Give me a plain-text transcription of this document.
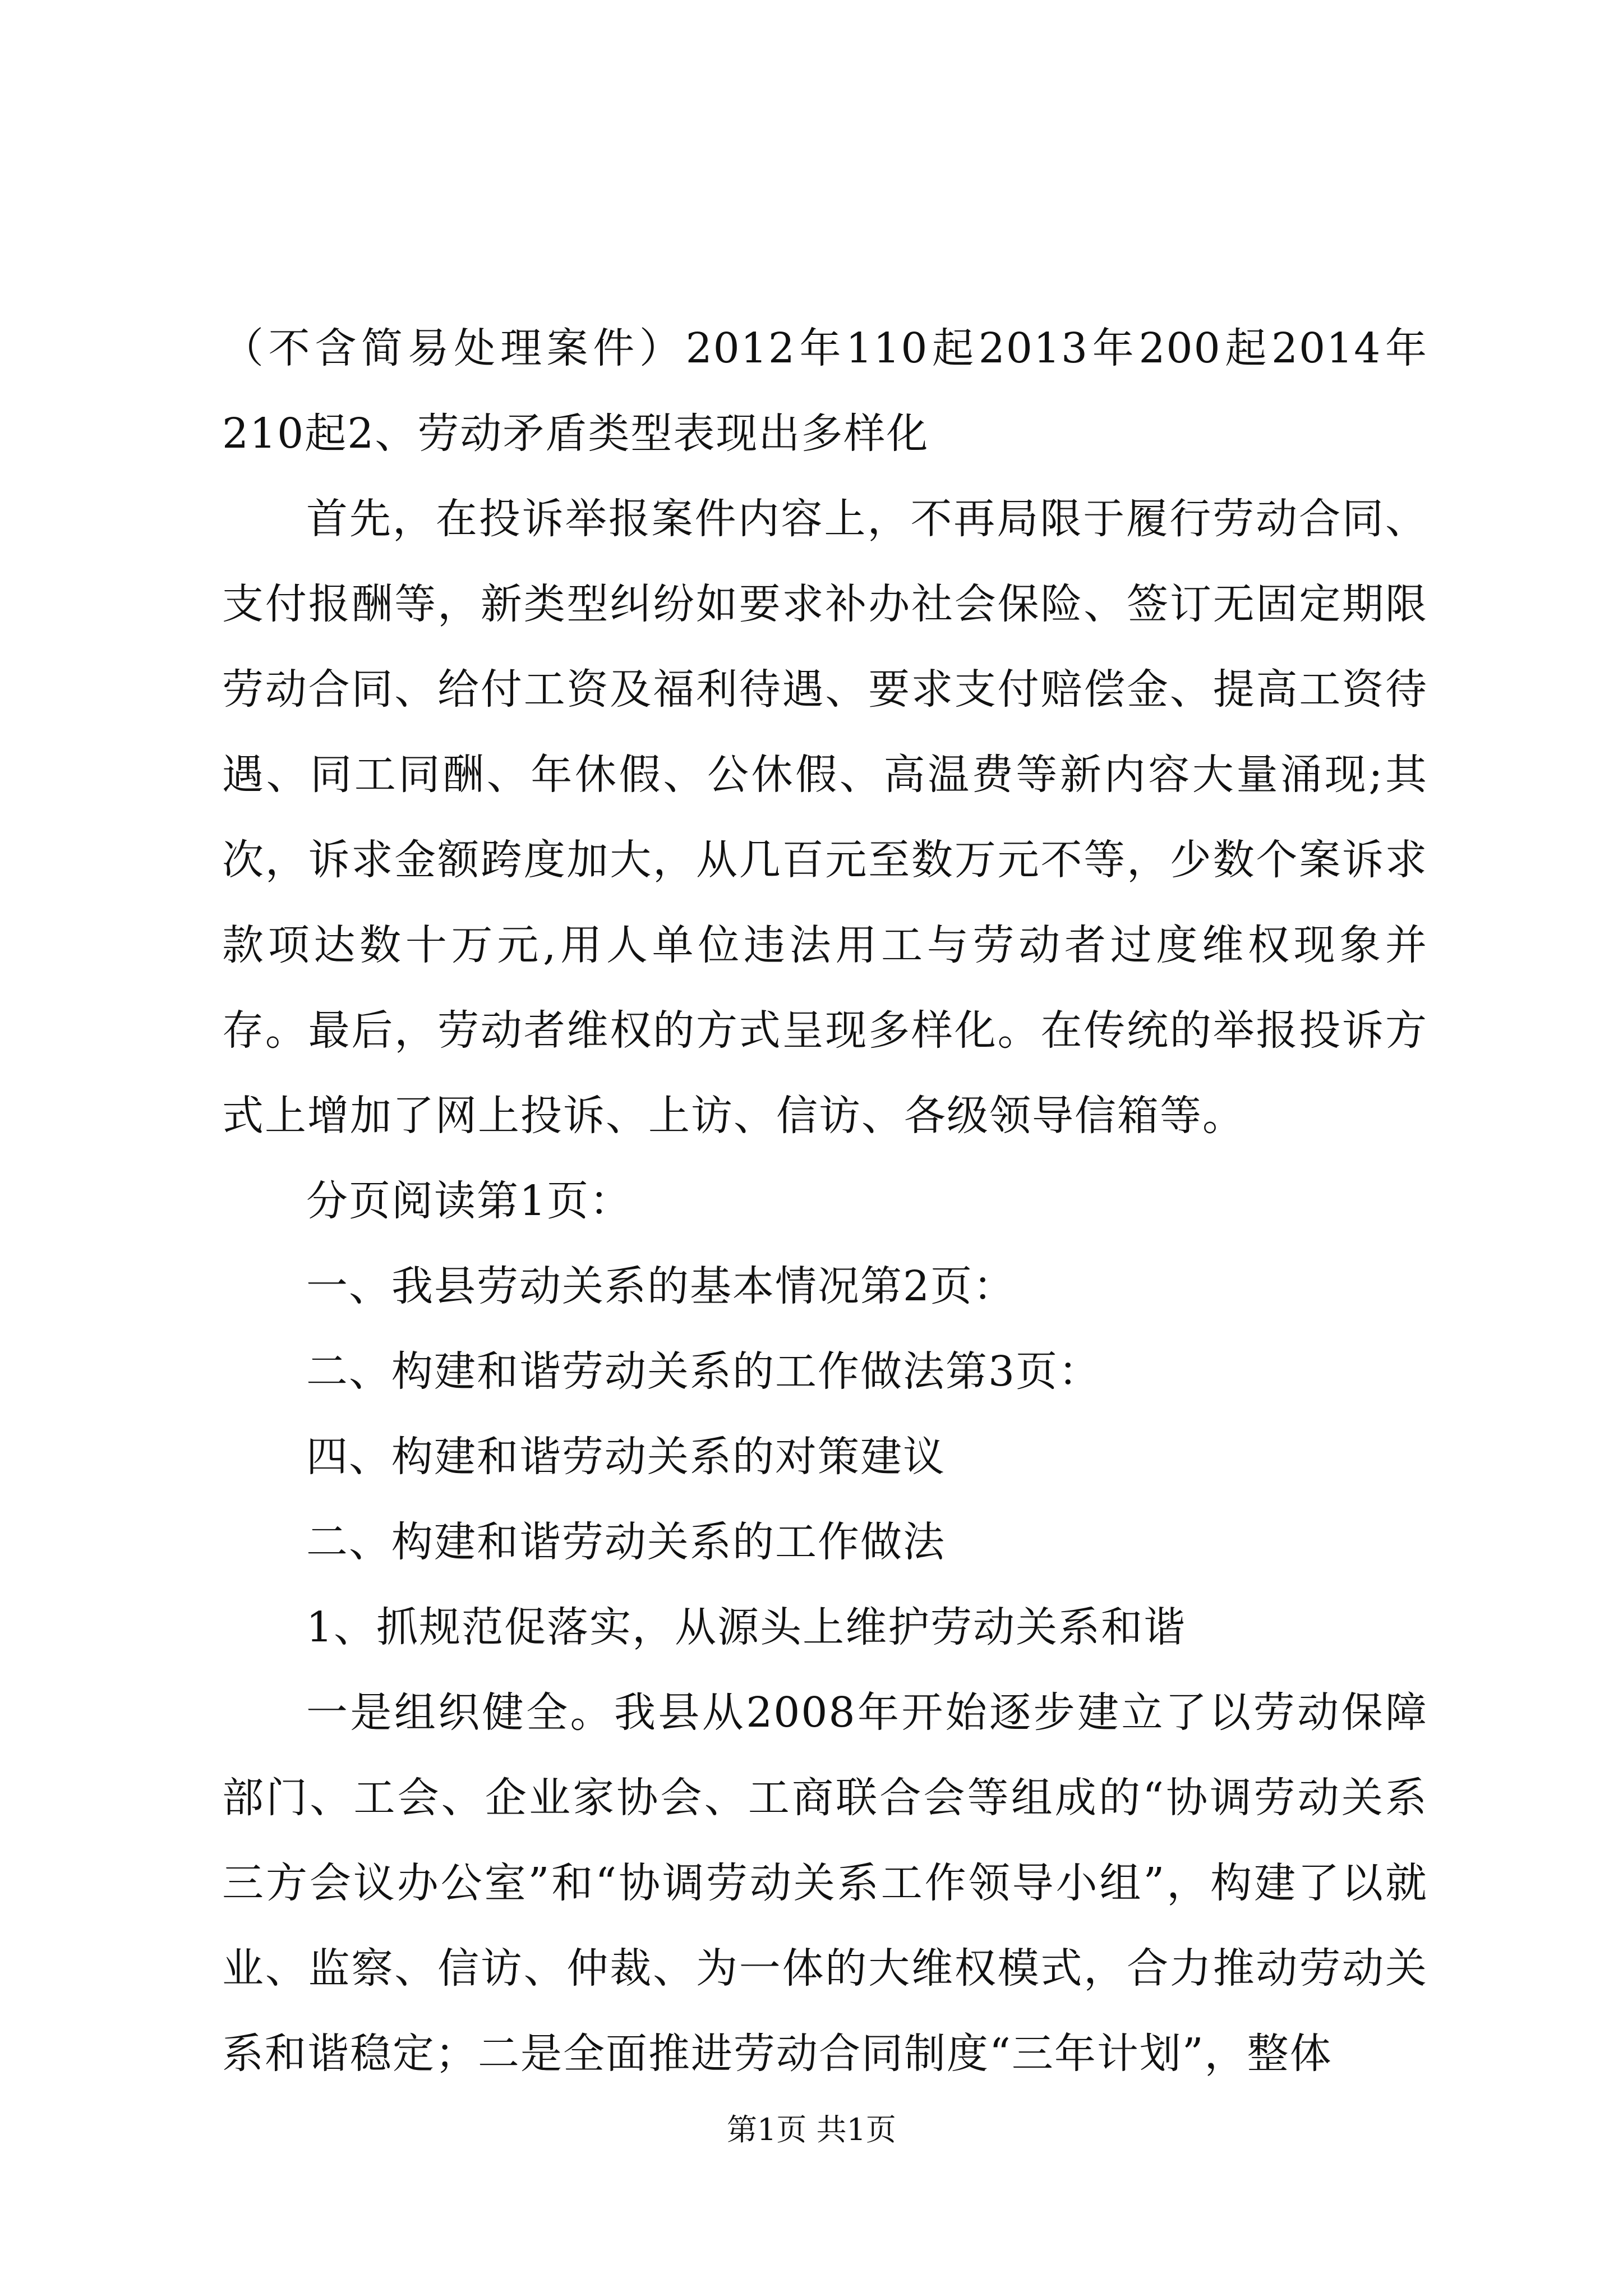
（不含简易处理案件）2012年110起2013年200起2014年210起2、劳动矛盾类型表现出多样化

首先，在投诉举报案件内容上，不再局限于履行劳动合同、支付报酬等，新类型纠纷如要求补办社会保险、签订无固定期限劳动合同、给付工资及福利待遇、要求支付赔偿金、提高工资待遇、同工同酬、年休假、公休假、高温费等新内容大量涌现;其次，诉求金额跨度加大，从几百元至数万元不等，少数个案诉求款项达数十万元,用人单位违法用工与劳动者过度维权现象并存。最后，劳动者维权的方式呈现多样化。在传统的举报投诉方式上增加了网上投诉、上访、信访、各级领导信箱等。

分页阅读第1页：

一、我县劳动关系的基本情况第2页：

二、构建和谐劳动关系的工作做法第3页：

四、构建和谐劳动关系的对策建议

二、构建和谐劳动关系的工作做法

1、抓规范促落实，从源头上维护劳动关系和谐

一是组织健全。我县从2008年开始逐步建立了以劳动保障部门、工会、企业家协会、工商联合会等组成的“协调劳动关系三方会议办公室”和“协调劳动关系工作领导小组”，构建了以就业、监察、信访、仲裁、为一体的大维权模式，合力推动劳动关系和谐稳定；二是全面推进劳动合同制度“三年计划”，整体

第1页 共1页
